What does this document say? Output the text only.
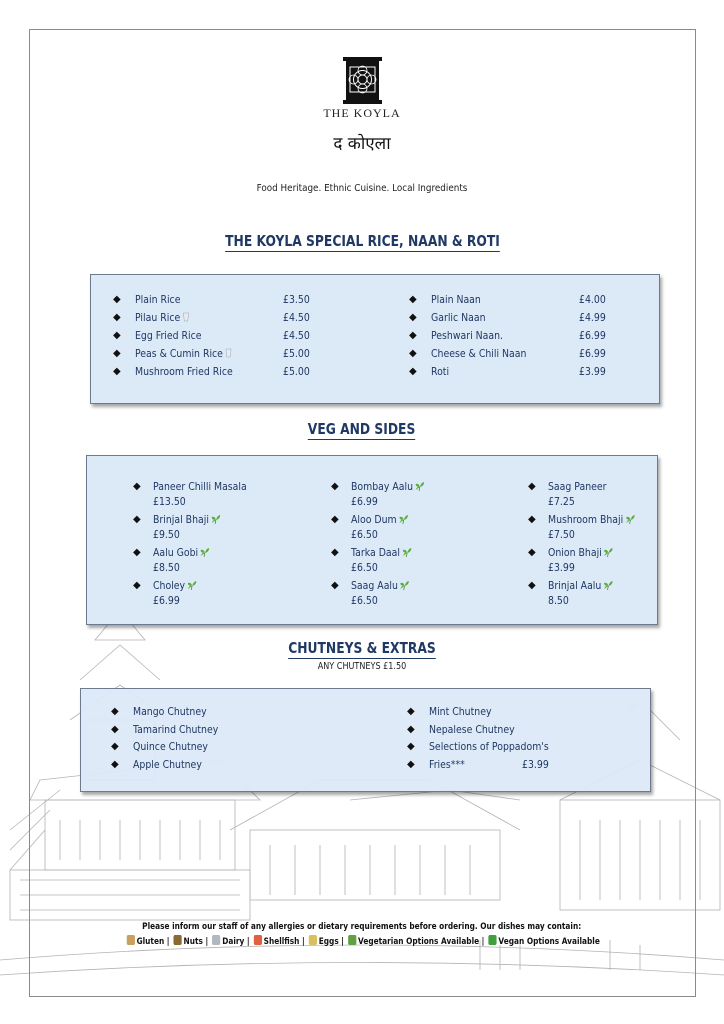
THE KOYLA
द कोएला
Food Heritage. Ethnic Cuisine. Local Ingredients
THE KOYLA SPECIAL RICE, NAAN & ROTI
◆ Plain Rice	£3.50
◆ Pilau Rice	£4.50
◆ Egg Fried Rice	£4.50
◆ Peas & Cumin Rice	£5.00
◆ Mushroom Fried Rice	£5.00
◆ Plain Naan	£4.00
◆ Garlic Naan	£4.99
◆ Peshwari Naan.	£6.99
◆ Cheese & Chili Naan	£6.99
◆ Roti	£3.99
VEG AND SIDES
◆ Paneer Chilli Masala
£13.50
◆ Brinjal Bhaji
£9.50
◆ Aalu Gobi
£8.50
◆ Choley
£6.99
◆ Bombay Aalu
£6.99
◆ Aloo Dum
£6.50
◆ Tarka Daal
£6.50
◆ Saag Aalu
£6.50
◆ Saag Paneer
£7.25
◆ Mushroom Bhaji
£7.50
◆ Onion Bhaji
£3.99
◆ Brinjal Aalu
8.50
CHUTNEYS & EXTRAS
ANY CHUTNEYS £1.50
◆ Mango Chutney
◆ Tamarind Chutney
◆ Quince Chutney
◆ Apple Chutney
◆ Mint Chutney
◆ Nepalese Chutney
◆ Selections of Poppadom's
◆ Fries***	£3.99
Please inform our staff of any allergies or dietary requirements before ordering. Our dishes may contain:
Gluten | Nuts | Dairy | Shellfish | Eggs | Vegetarian Options Available | Vegan Options Available
